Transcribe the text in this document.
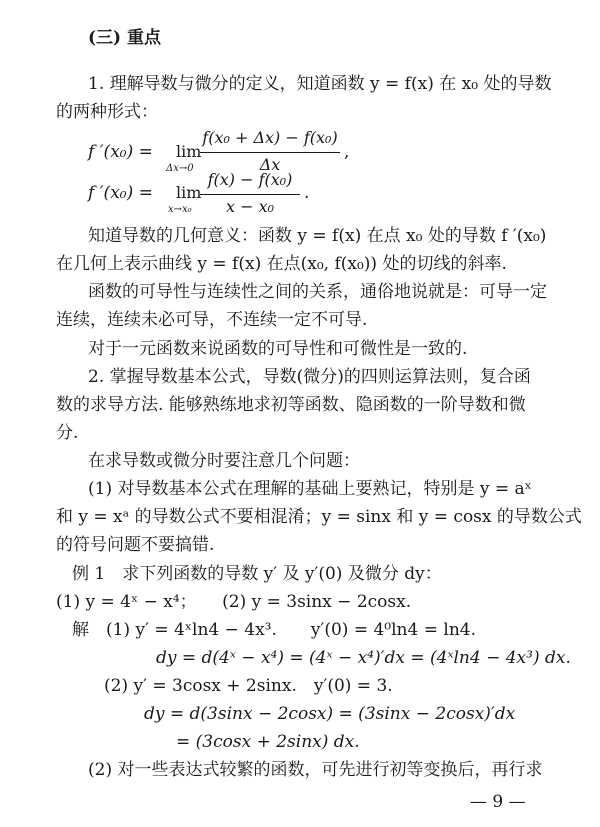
(三) 重点
1. 理解导数与微分的定义，知道函数 y = f(x) 在 x₀ 处的导数
的两种形式：
f ′(x₀) = lim
Δx→0
f(x₀ + Δx) − f(x₀)
Δx
,
f ′(x₀) = lim
x→x₀
f(x) − f(x₀)
x − x₀
.
知道导数的几何意义：函数 y = f(x) 在点 x₀ 处的导数 f ′(x₀)
在几何上表示曲线 y = f(x) 在点(x₀, f(x₀)) 处的切线的斜率.
函数的可导性与连续性之间的关系，通俗地说就是：可导一定
连续，连续未必可导，不连续一定不可导.
对于一元函数来说函数的可导性和可微性是一致的.
2. 掌握导数基本公式，导数(微分)的四则运算法则，复合函
数的求导方法. 能够熟练地求初等函数、隐函数的一阶导数和微
分.
在求导数或微分时要注意几个问题：
(1) 对导数基本公式在理解的基础上要熟记，特别是 y = aˣ
和 y = xᵃ 的导数公式不要相混淆；y = sinx 和 y = cosx 的导数公式
的符号问题不要搞错.
例 1　求下列函数的导数 y′ 及 y′(0) 及微分 dy：
(1) y = 4ˣ − x⁴；　　(2) y = 3sinx − 2cosx.
解　(1) y′ = 4ˣln4 − 4x³.　　y′(0) = 4⁰ln4 = ln4.
dy = d(4ˣ − x⁴) = (4ˣ − x⁴)′dx = (4ˣln4 − 4x³) dx.
(2) y′ = 3cosx + 2sinx.　y′(0) = 3.
dy = d(3sinx − 2cosx) = (3sinx − 2cosx)′dx
= (3cosx + 2sinx) dx.
(2) 对一些表达式较繁的函数，可先进行初等变换后，再行求
— 9 —
